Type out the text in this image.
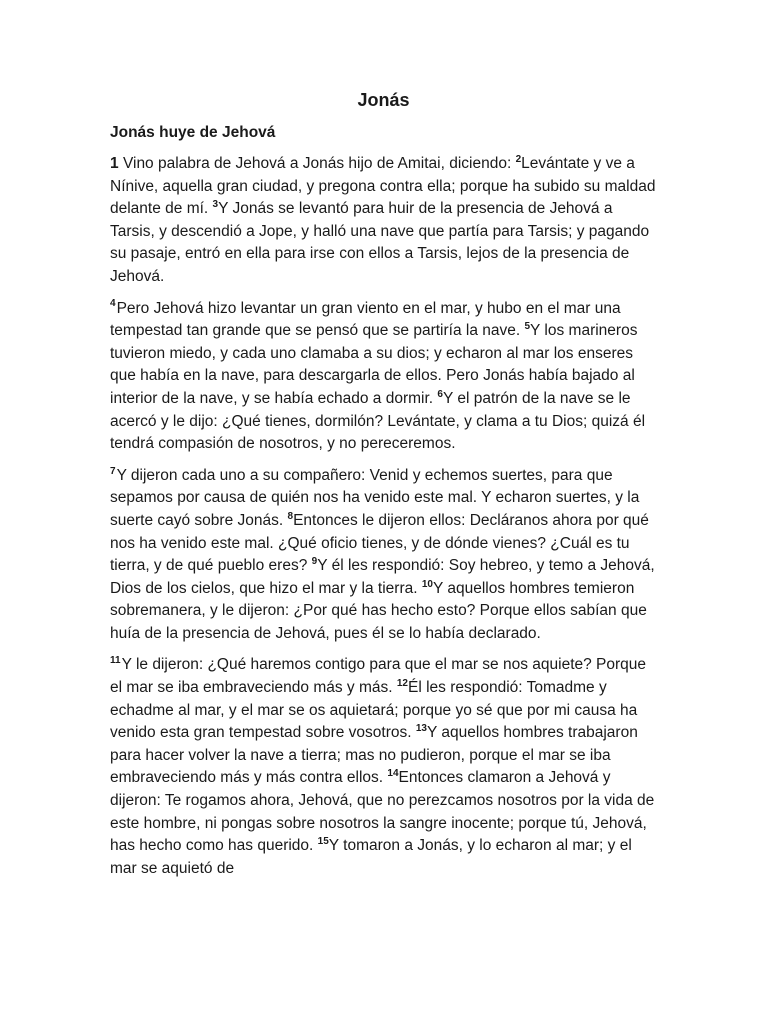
Jonás
Jonás huye de Jehová

1 Vino palabra de Jehová a Jonás hijo de Amitai, diciendo: $^2$Levántate y ve a Nínive, aquella gran ciudad, y pregona contra ella; porque ha subido su maldad delante de mí. $^3$Y Jonás se levantó para huir de la presencia de Jehová a Tarsis, y descendió a Jope, y halló una nave que partía para Tarsis; y pagando su pasaje, entró en ella para irse con ellos a Tarsis, lejos de la presencia de Jehová.

$^4$Pero Jehová hizo levantar un gran viento en el mar, y hubo en el mar una tempestad tan grande que se pensó que se partiría la nave. $^5$Y los marineros tuvieron miedo, y cada uno clamaba a su dios; y echaron al mar los enseres que había en la nave, para descargarla de ellos. Pero Jonás había bajado al interior de la nave, y se había echado a dormir. $^6$Y el patrón de la nave se le acercó y le dijo: ¿Qué tienes, dormilón? Levántate, y clama a tu Dios; quizá él tendrá compasión de nosotros, y no pereceremos.

$^7$Y dijeron cada uno a su compañero: Venid y echemos suertes, para que sepamos por causa de quién nos ha venido este mal. Y echaron suertes, y la suerte cayó sobre Jonás. $^8$Entonces le dijeron ellos: Decláranos ahora por qué nos ha venido este mal. ¿Qué oficio tienes, y de dónde vienes? ¿Cuál es tu tierra, y de qué pueblo eres? $^9$Y él les respondió: Soy hebreo, y temo a Jehová, Dios de los cielos, que hizo el mar y la tierra. $^{10}$Y aquellos hombres temieron sobremanera, y le dijeron: ¿Por qué has hecho esto? Porque ellos sabían que huía de la presencia de Jehová, pues él se lo había declarado.

$^{11}$Y le dijeron: ¿Qué haremos contigo para que el mar se nos aquiete? Porque el mar se iba embraveciendo más y más. $^{12}$Él les respondió: Tomadme y echadme al mar, y el mar se os aquietará; porque yo sé que por mi causa ha venido esta gran tempestad sobre vosotros. $^{13}$Y aquellos hombres trabajaron para hacer volver la nave a tierra; mas no pudieron, porque el mar se iba embraveciendo más y más contra ellos. $^{14}$Entonces clamaron a Jehová y dijeron: Te rogamos ahora, Jehová, que no perezcamos nosotros por la vida de este hombre, ni pongas sobre nosotros la sangre inocente; porque tú, Jehová, has hecho como has querido. $^{15}$Y tomaron a Jonás, y lo echaron al mar; y el mar se aquietó de
